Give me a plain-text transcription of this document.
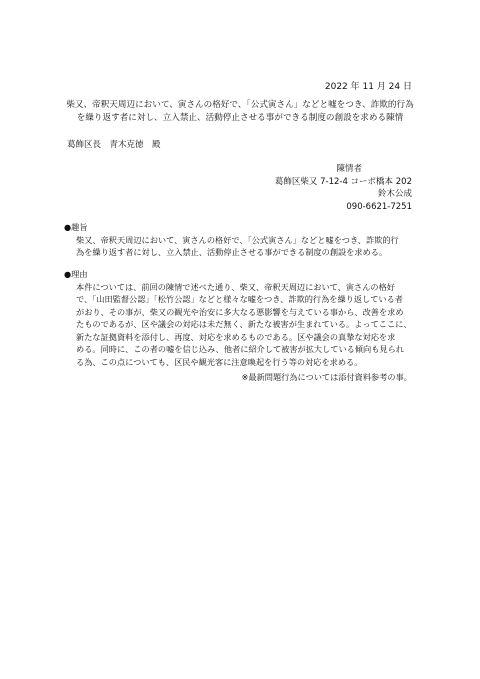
2022 年 11 月 24 日
柴又、帝釈天周辺において、寅さんの格好で、「公式寅さん」などと嘘をつき、詐欺的行為
を繰り返す者に対し、立入禁止、活動停止させる事ができる制度の創設を求める陳情
葛飾区長　青木克徳　殿
陳情者
葛飾区柴又 7-12-4 コーポ橋本 202
鈴木公成
090-6621-7251
●趣旨
柴又、帝釈天周辺において、寅さんの格好で、「公式寅さん」などと嘘をつき、詐欺的行
為を繰り返す者に対し、立入禁止、活動停止させる事ができる制度の創設を求める。
●理由
本件については、前回の陳情で述べた通り、柴又、帝釈天周辺において、寅さんの格好
で、「山田監督公認」「松竹公認」などと様々な嘘をつき、詐欺的行為を繰り返している者
がおり、その事が、柴又の観光や治安に多大なる悪影響を与えている事から、改善を求め
たものであるが、区や議会の対応は未だ無く、新たな被害が生まれている。よってここに、
新たな証拠資料を添付し、再度、対応を求めるものである。区や議会の真摯な対応を求
める。同時に、この者の嘘を信じ込み、他者に紹介して被害が拡大している傾向も見られ
る為、この点についても、区民や観光客に注意喚起を行う等の対応を求める。
※最新問題行為については添付資料参考の事。
